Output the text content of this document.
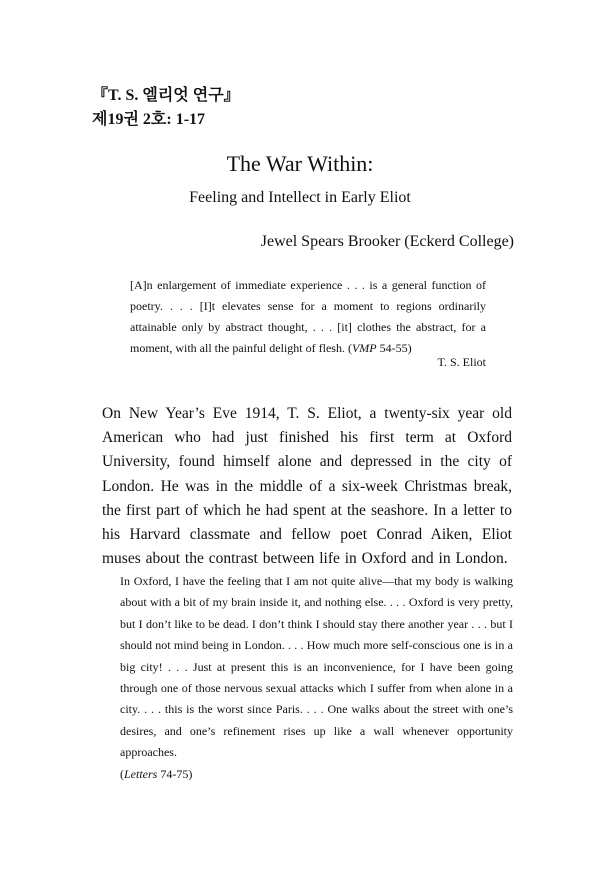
『T. S. 엘리엇 연구』
제19권 2호: 1-17
The War Within:
Feeling and Intellect in Early Eliot
Jewel Spears Brooker (Eckerd College)

[A]n enlargement of immediate experience . . . is a general function of poetry. . . . [I]t elevates sense for a moment to regions ordinarily attainable only by abstract thought, . . . [it] clothes the abstract, for a moment, with all the painful delight of flesh. (VMP 54-55)

T. S. Eliot

On New Year’s Eve 1914, T. S. Eliot, a twenty-six year old American who had just finished his first term at Oxford University, found himself alone and depressed in the city of London. He was in the middle of a six-week Christmas break, the first part of which he had spent at the seashore. In a letter to his Harvard classmate and fellow poet Conrad Aiken, Eliot muses about the contrast between life in Oxford and in London.

In Oxford, I have the feeling that I am not quite alive—that my body is walking about with a bit of my brain inside it, and nothing else. . . . Oxford is very pretty, but I don’t like to be dead. I don’t think I should stay there another year . . . but I should not mind being in London. . . . How much more self-conscious one is in a big city! . . . Just at present this is an inconvenience, for I have been going through one of those nervous sexual attacks which I suffer from when alone in a city. . . . this is the worst since Paris. . . . One walks about the street with one’s desires, and one’s refinement rises up like a wall whenever opportunity approaches.
(Letters 74-75)
